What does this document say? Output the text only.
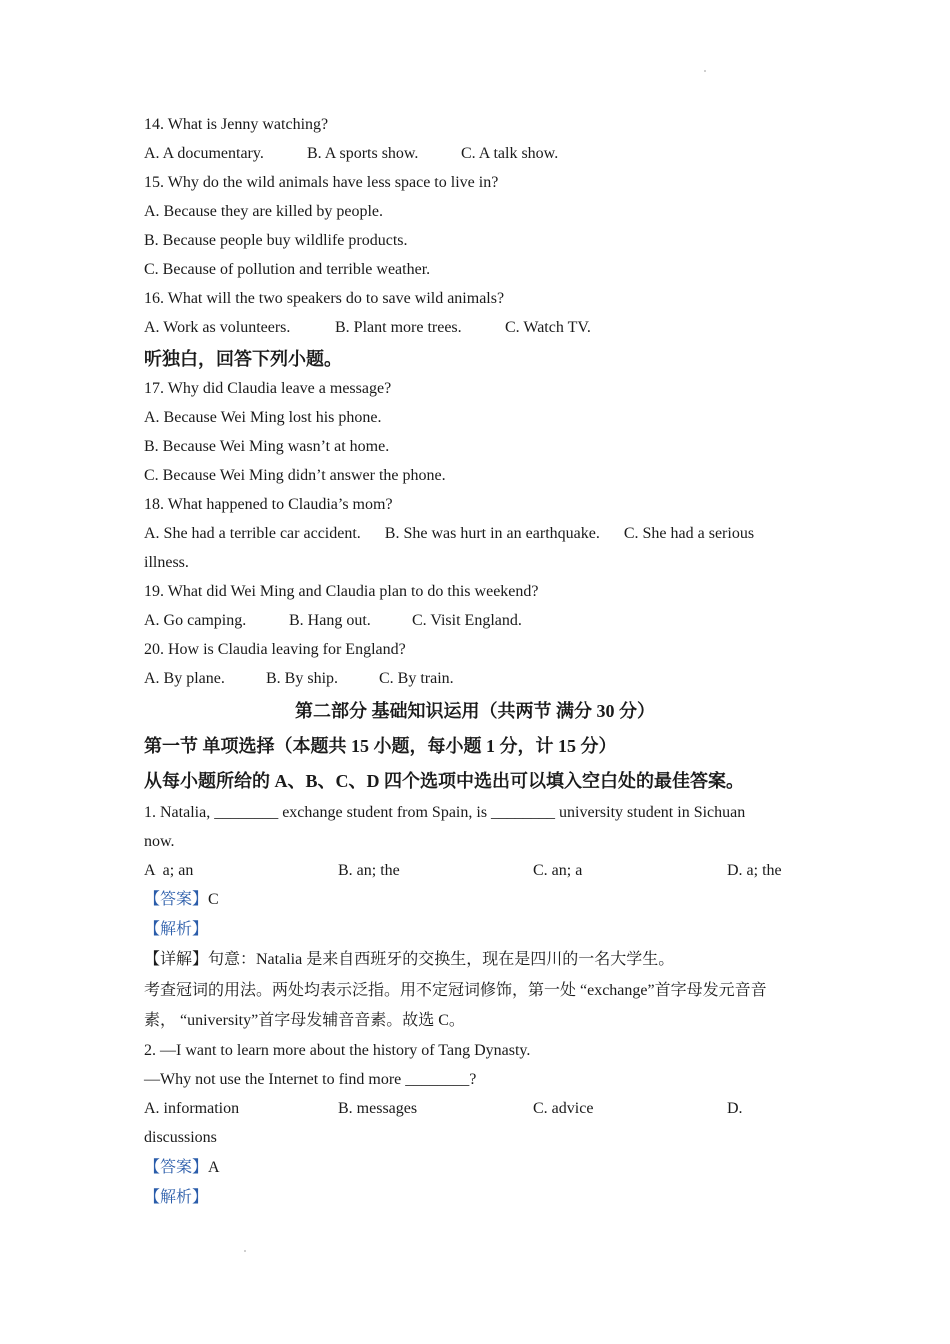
14. What is Jenny watching?
A. A documentary.	B. A sports show.	C. A talk show.
15. Why do the wild animals have less space to live in?
A. Because they are killed by people.
B. Because people buy wildlife products.
C. Because of pollution and terrible weather.
16. What will the two speakers do to save wild animals?
A. Work as volunteers.	B. Plant more trees.	C. Watch TV.
听独白，回答下列小题。
17. Why did Claudia leave a message?
A. Because Wei Ming lost his phone.
B. Because Wei Ming wasn’t at home.
C. Because Wei Ming didn’t answer the phone.
18. What happened to Claudia’s mom?
A. She had a terrible car accident.      B. She was hurt in an earthquake.      C. She had a serious
illness.
19. What did Wei Ming and Claudia plan to do this weekend?
A. Go camping.	B. Hang out.	C. Visit England.
20. How is Claudia leaving for England?
A. By plane.	B. By ship.	C. By train.
第二部分 基础知识运用（共两节 满分 30 分）
第一节 单项选择（本题共 15 小题，每小题 1 分，计 15 分）
从每小题所给的 A、B、C、D 四个选项中选出可以填入空白处的最佳答案。
1. Natalia, ________ exchange student from Spain, is ________ university student in Sichuan
now.
A  a; an	B. an; the	C. an; a	D. a; the
【答案】C
【解析】
【详解】句意：Natalia 是来自西班牙的交换生，现在是四川的一名大学生。
考查冠词的用法。两处均表示泛指。用不定冠词修饰，第一处 “exchange”首字母发元音音
素， “university”首字母发辅音音素。故选 C。
2. —I want to learn more about the history of Tang Dynasty.
—Why not use the Internet to find more ________?
A. information	B. messages	C. advice	D.
discussions
【答案】A
【解析】
